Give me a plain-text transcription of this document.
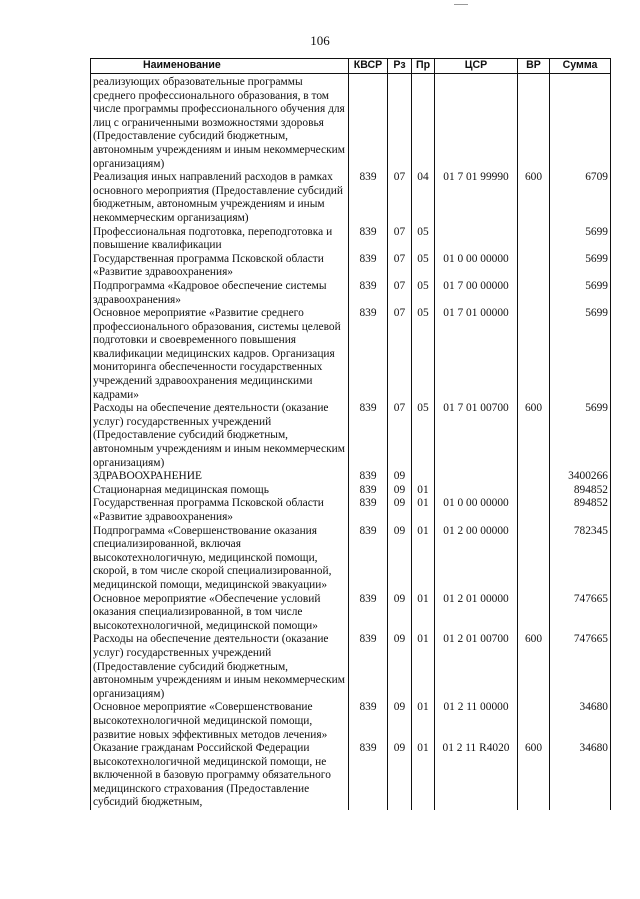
106
Наименование	КВСР	Рз	Пр	ЦСР	ВР	Сумма
реализующих образовательные программы среднего профессионального образования, в том числе программы профессионального обучения для лиц с ограниченными возможностями здоровья (Предоставление субсидий бюджетным, автономным учреждениям и иным некоммерческим организациям)						
Реализация иных направлений расходов в рамках основного мероприятия (Предоставление субсидий бюджетным, автономным учреждениям и иным некоммерческим организациям)	839	07	04	01 7 01 99990	600	6709
Профессиональная подготовка, переподготовка и повышение квалификации	839	07	05			5699
Государственная программа Псковской области «Развитие здравоохранения»	839	07	05	01 0 00 00000		5699
Подпрограмма «Кадровое обеспечение системы здравоохранения»	839	07	05	01 7 00 00000		5699
Основное мероприятие «Развитие среднего профессионального образования, системы целевой подготовки и своевременного повышения квалификации медицинских кадров. Организация мониторинга обеспеченности государственных учреждений здравоохранения медицинскими кадрами»	839	07	05	01 7 01 00000		5699
Расходы на обеспечение деятельности (оказание услуг) государственных учреждений (Предоставление субсидий бюджетным, автономным учреждениям и иным некоммерческим организациям)	839	07	05	01 7 01 00700	600	5699
ЗДРАВООХРАНЕНИЕ	839	09				3400266
Стационарная медицинская помощь	839	09	01			894852
Государственная программа Псковской области «Развитие здравоохранения»	839	09	01	01 0 00 00000		894852
Подпрограмма «Совершенствование оказания специализированной, включая высокотехнологичную, медицинской помощи, скорой, в том числе скорой специализированной, медицинской помощи, медицинской эвакуации»	839	09	01	01 2 00 00000		782345
Основное мероприятие «Обеспечение условий оказания специализированной, в том числе высокотехнологичной, медицинской помощи»	839	09	01	01 2 01 00000		747665
Расходы на обеспечение деятельности (оказание услуг) государственных учреждений (Предоставление субсидий бюджетным, автономным учреждениям и иным некоммерческим организациям)	839	09	01	01 2 01 00700	600	747665
Основное мероприятие «Совершенствование высокотехнологичной медицинской помощи, развитие новых эффективных методов лечения»	839	09	01	01 2 11 00000		34680
Оказание гражданам Российской Федерации высокотехнологичной медицинской помощи, не включенной в базовую программу обязательного медицинского страхования (Предоставление субсидий бюджетным,	839	09	01	01 2 11 R4020	600	34680
